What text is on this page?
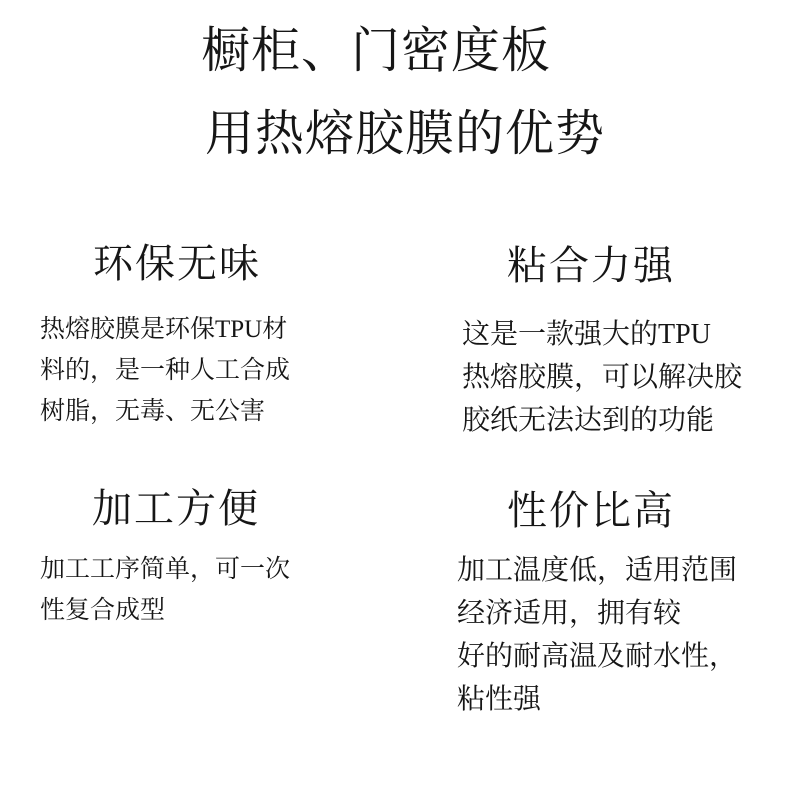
橱柜、门密度板
用热熔胶膜的优势
环保无味

热熔胶膜是环保TPU材

料的，是一种人工合成

树脂，无毒、无公害

粘合力强

这是一款强大的TPU

热熔胶膜，可以解决胶

胶纸无法达到的功能

加工方便

加工工序简单，可一次

性复合成型

性价比高

加工温度低，适用范围

经济适用，拥有较

好的耐高温及耐水性，

粘性强
